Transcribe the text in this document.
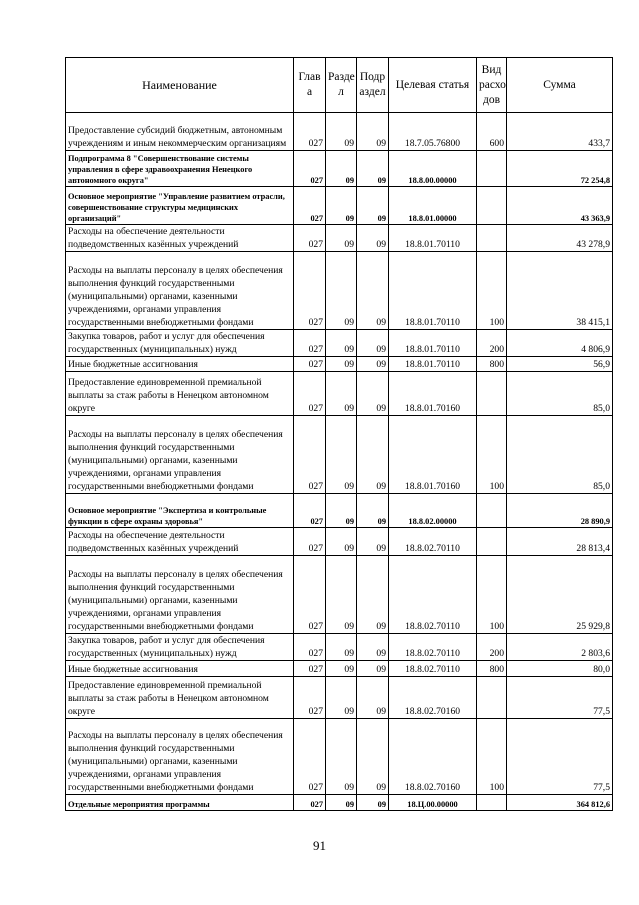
Наименование	Глав а	Разде л	Подр аздел	Целевая статья	Вид расхо дов	Сумма
Предоставление субсидий бюджетным, автономным учреждениям и иным некоммерческим организациям	027	09	09	18.7.05.76800	600	433,7
Подпрограмма 8 "Совершенствование системы управления в сфере здравоохранения Ненецкого автономного округа"	027	09	09	18.8.00.00000		72 254,8
Основное мероприятие "Управление развитием отрасли, совершенствование структуры медицинских организаций"	027	09	09	18.8.01.00000		43 363,9
Расходы на обеспечение деятельности подведомственных казённых учреждений	027	09	09	18.8.01.70110		43 278,9
Расходы на выплаты персоналу в целях обеспечения выполнения функций государственными (муниципальными) органами, казенными учреждениями, органами управления государственными внебюджетными фондами	027	09	09	18.8.01.70110	100	38 415,1
Закупка товаров, работ и услуг для обеспечения государственных (муниципальных) нужд	027	09	09	18.8.01.70110	200	4 806,9
Иные бюджетные ассигнования	027	09	09	18.8.01.70110	800	56,9
Предоставление единовременной премиальной выплаты за стаж работы в Ненецком автономном округе	027	09	09	18.8.01.70160		85,0
Расходы на выплаты персоналу в целях обеспечения выполнения функций государственными (муниципальными) органами, казенными учреждениями, органами управления государственными внебюджетными фондами	027	09	09	18.8.01.70160	100	85,0
Основное мероприятие "Экспертиза и контрольные функции в сфере охраны здоровья"	027	09	09	18.8.02.00000		28 890,9
Расходы на обеспечение деятельности подведомственных казённых учреждений	027	09	09	18.8.02.70110		28 813,4
Расходы на выплаты персоналу в целях обеспечения выполнения функций государственными (муниципальными) органами, казенными учреждениями, органами управления государственными внебюджетными фондами	027	09	09	18.8.02.70110	100	25 929,8
Закупка товаров, работ и услуг для обеспечения государственных (муниципальных) нужд	027	09	09	18.8.02.70110	200	2 803,6
Иные бюджетные ассигнования	027	09	09	18.8.02.70110	800	80,0
Предоставление единовременной премиальной выплаты за стаж работы в Ненецком автономном округе	027	09	09	18.8.02.70160		77,5
Расходы на выплаты персоналу в целях обеспечения выполнения функций государственными (муниципальными) органами, казенными учреждениями, органами управления государственными внебюджетными фондами	027	09	09	18.8.02.70160	100	77,5
Отдельные мероприятия программы	027	09	09	18.Ц.00.00000		364 812,6
91
